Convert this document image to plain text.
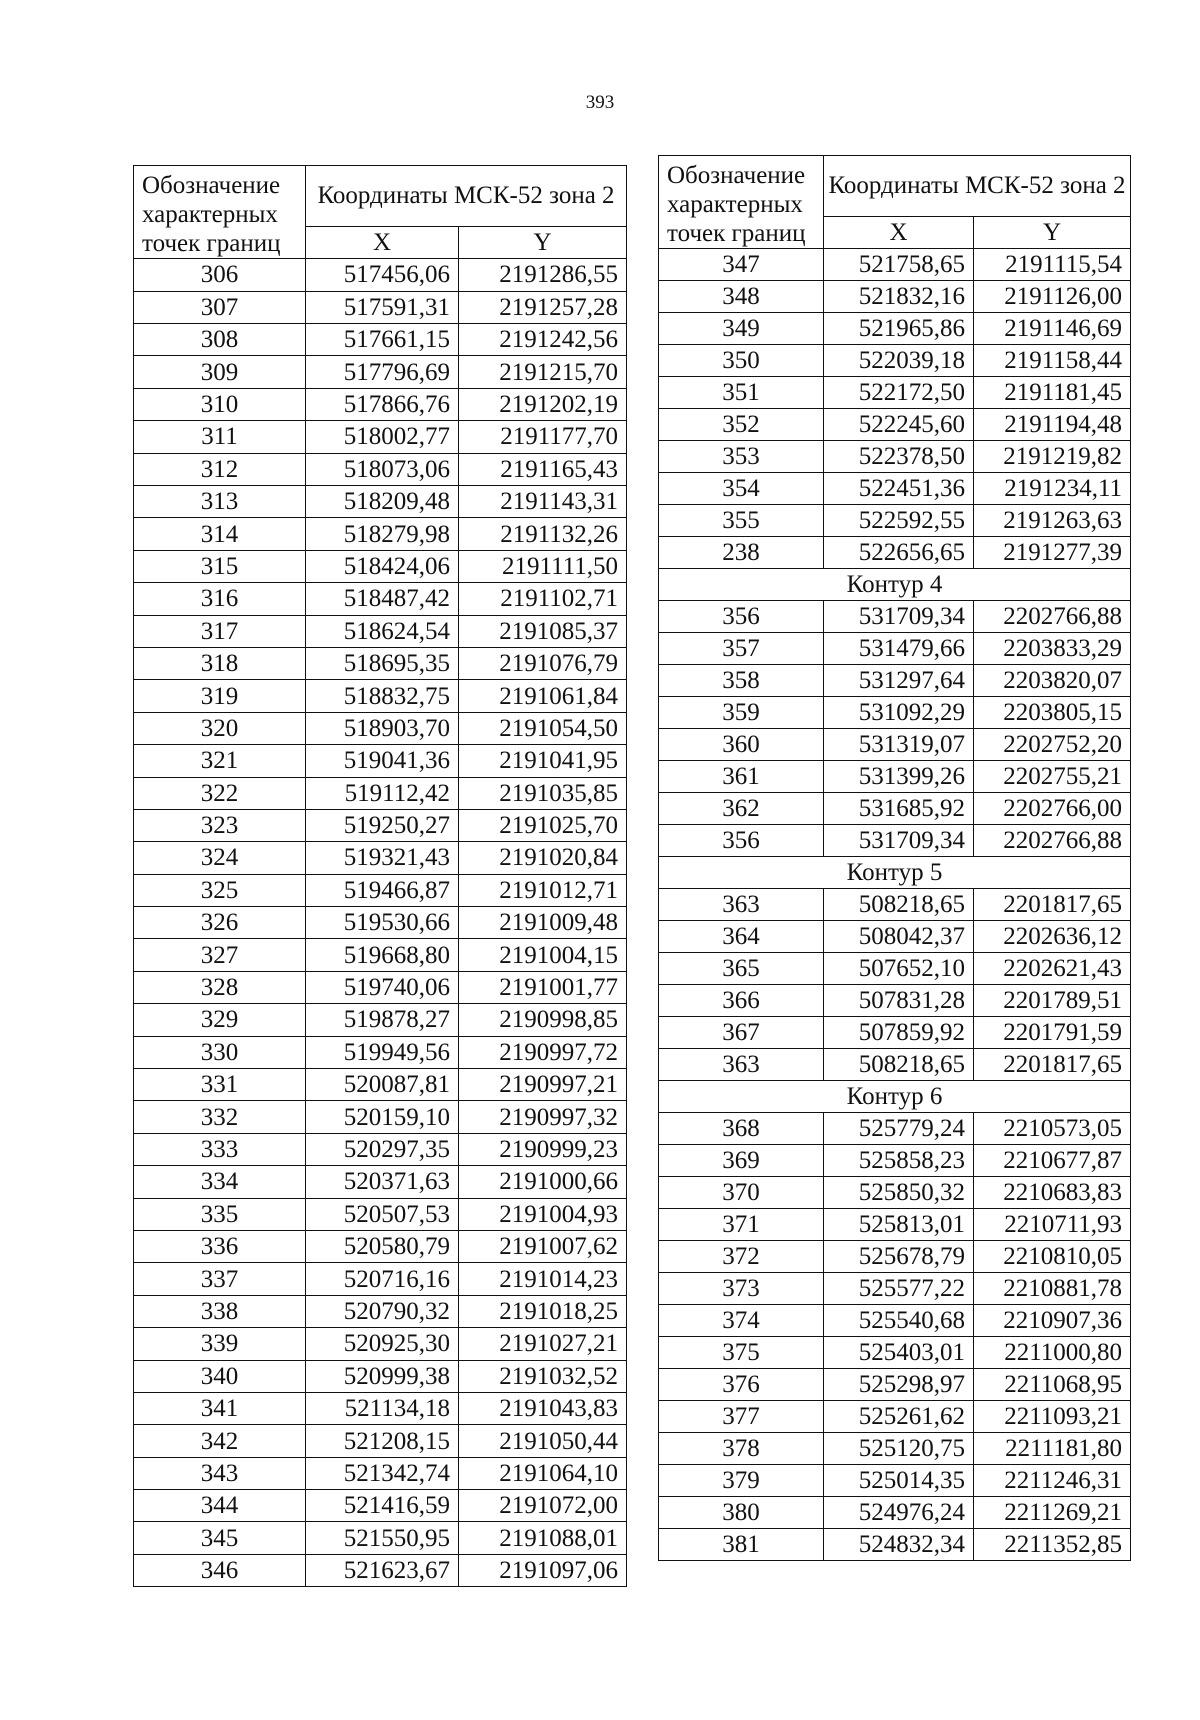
393
Обозначение характерных точек границ	Координаты МСК-52 зона 2	
	X	Y
306	517456,06	2191286,55
307	517591,31	2191257,28
308	517661,15	2191242,56
309	517796,69	2191215,70
310	517866,76	2191202,19
311	518002,77	2191177,70
312	518073,06	2191165,43
313	518209,48	2191143,31
314	518279,98	2191132,26
315	518424,06	2191111,50
316	518487,42	2191102,71
317	518624,54	2191085,37
318	518695,35	2191076,79
319	518832,75	2191061,84
320	518903,70	2191054,50
321	519041,36	2191041,95
322	519112,42	2191035,85
323	519250,27	2191025,70
324	519321,43	2191020,84
325	519466,87	2191012,71
326	519530,66	2191009,48
327	519668,80	2191004,15
328	519740,06	2191001,77
329	519878,27	2190998,85
330	519949,56	2190997,72
331	520087,81	2190997,21
332	520159,10	2190997,32
333	520297,35	2190999,23
334	520371,63	2191000,66
335	520507,53	2191004,93
336	520580,79	2191007,62
337	520716,16	2191014,23
338	520790,32	2191018,25
339	520925,30	2191027,21
340	520999,38	2191032,52
341	521134,18	2191043,83
342	521208,15	2191050,44
343	521342,74	2191064,10
344	521416,59	2191072,00
345	521550,95	2191088,01
346	521623,67	2191097,06
Обозначение характерных точек границ	Координаты МСК-52 зона 2	
	X	Y
347	521758,65	2191115,54
348	521832,16	2191126,00
349	521965,86	2191146,69
350	522039,18	2191158,44
351	522172,50	2191181,45
352	522245,60	2191194,48
353	522378,50	2191219,82
354	522451,36	2191234,11
355	522592,55	2191263,63
238	522656,65	2191277,39
Контур 4		
356	531709,34	2202766,88
357	531479,66	2203833,29
358	531297,64	2203820,07
359	531092,29	2203805,15
360	531319,07	2202752,20
361	531399,26	2202755,21
362	531685,92	2202766,00
356	531709,34	2202766,88
Контур 5		
363	508218,65	2201817,65
364	508042,37	2202636,12
365	507652,10	2202621,43
366	507831,28	2201789,51
367	507859,92	2201791,59
363	508218,65	2201817,65
Контур 6		
368	525779,24	2210573,05
369	525858,23	2210677,87
370	525850,32	2210683,83
371	525813,01	2210711,93
372	525678,79	2210810,05
373	525577,22	2210881,78
374	525540,68	2210907,36
375	525403,01	2211000,80
376	525298,97	2211068,95
377	525261,62	2211093,21
378	525120,75	2211181,80
379	525014,35	2211246,31
380	524976,24	2211269,21
381	524832,34	2211352,85
